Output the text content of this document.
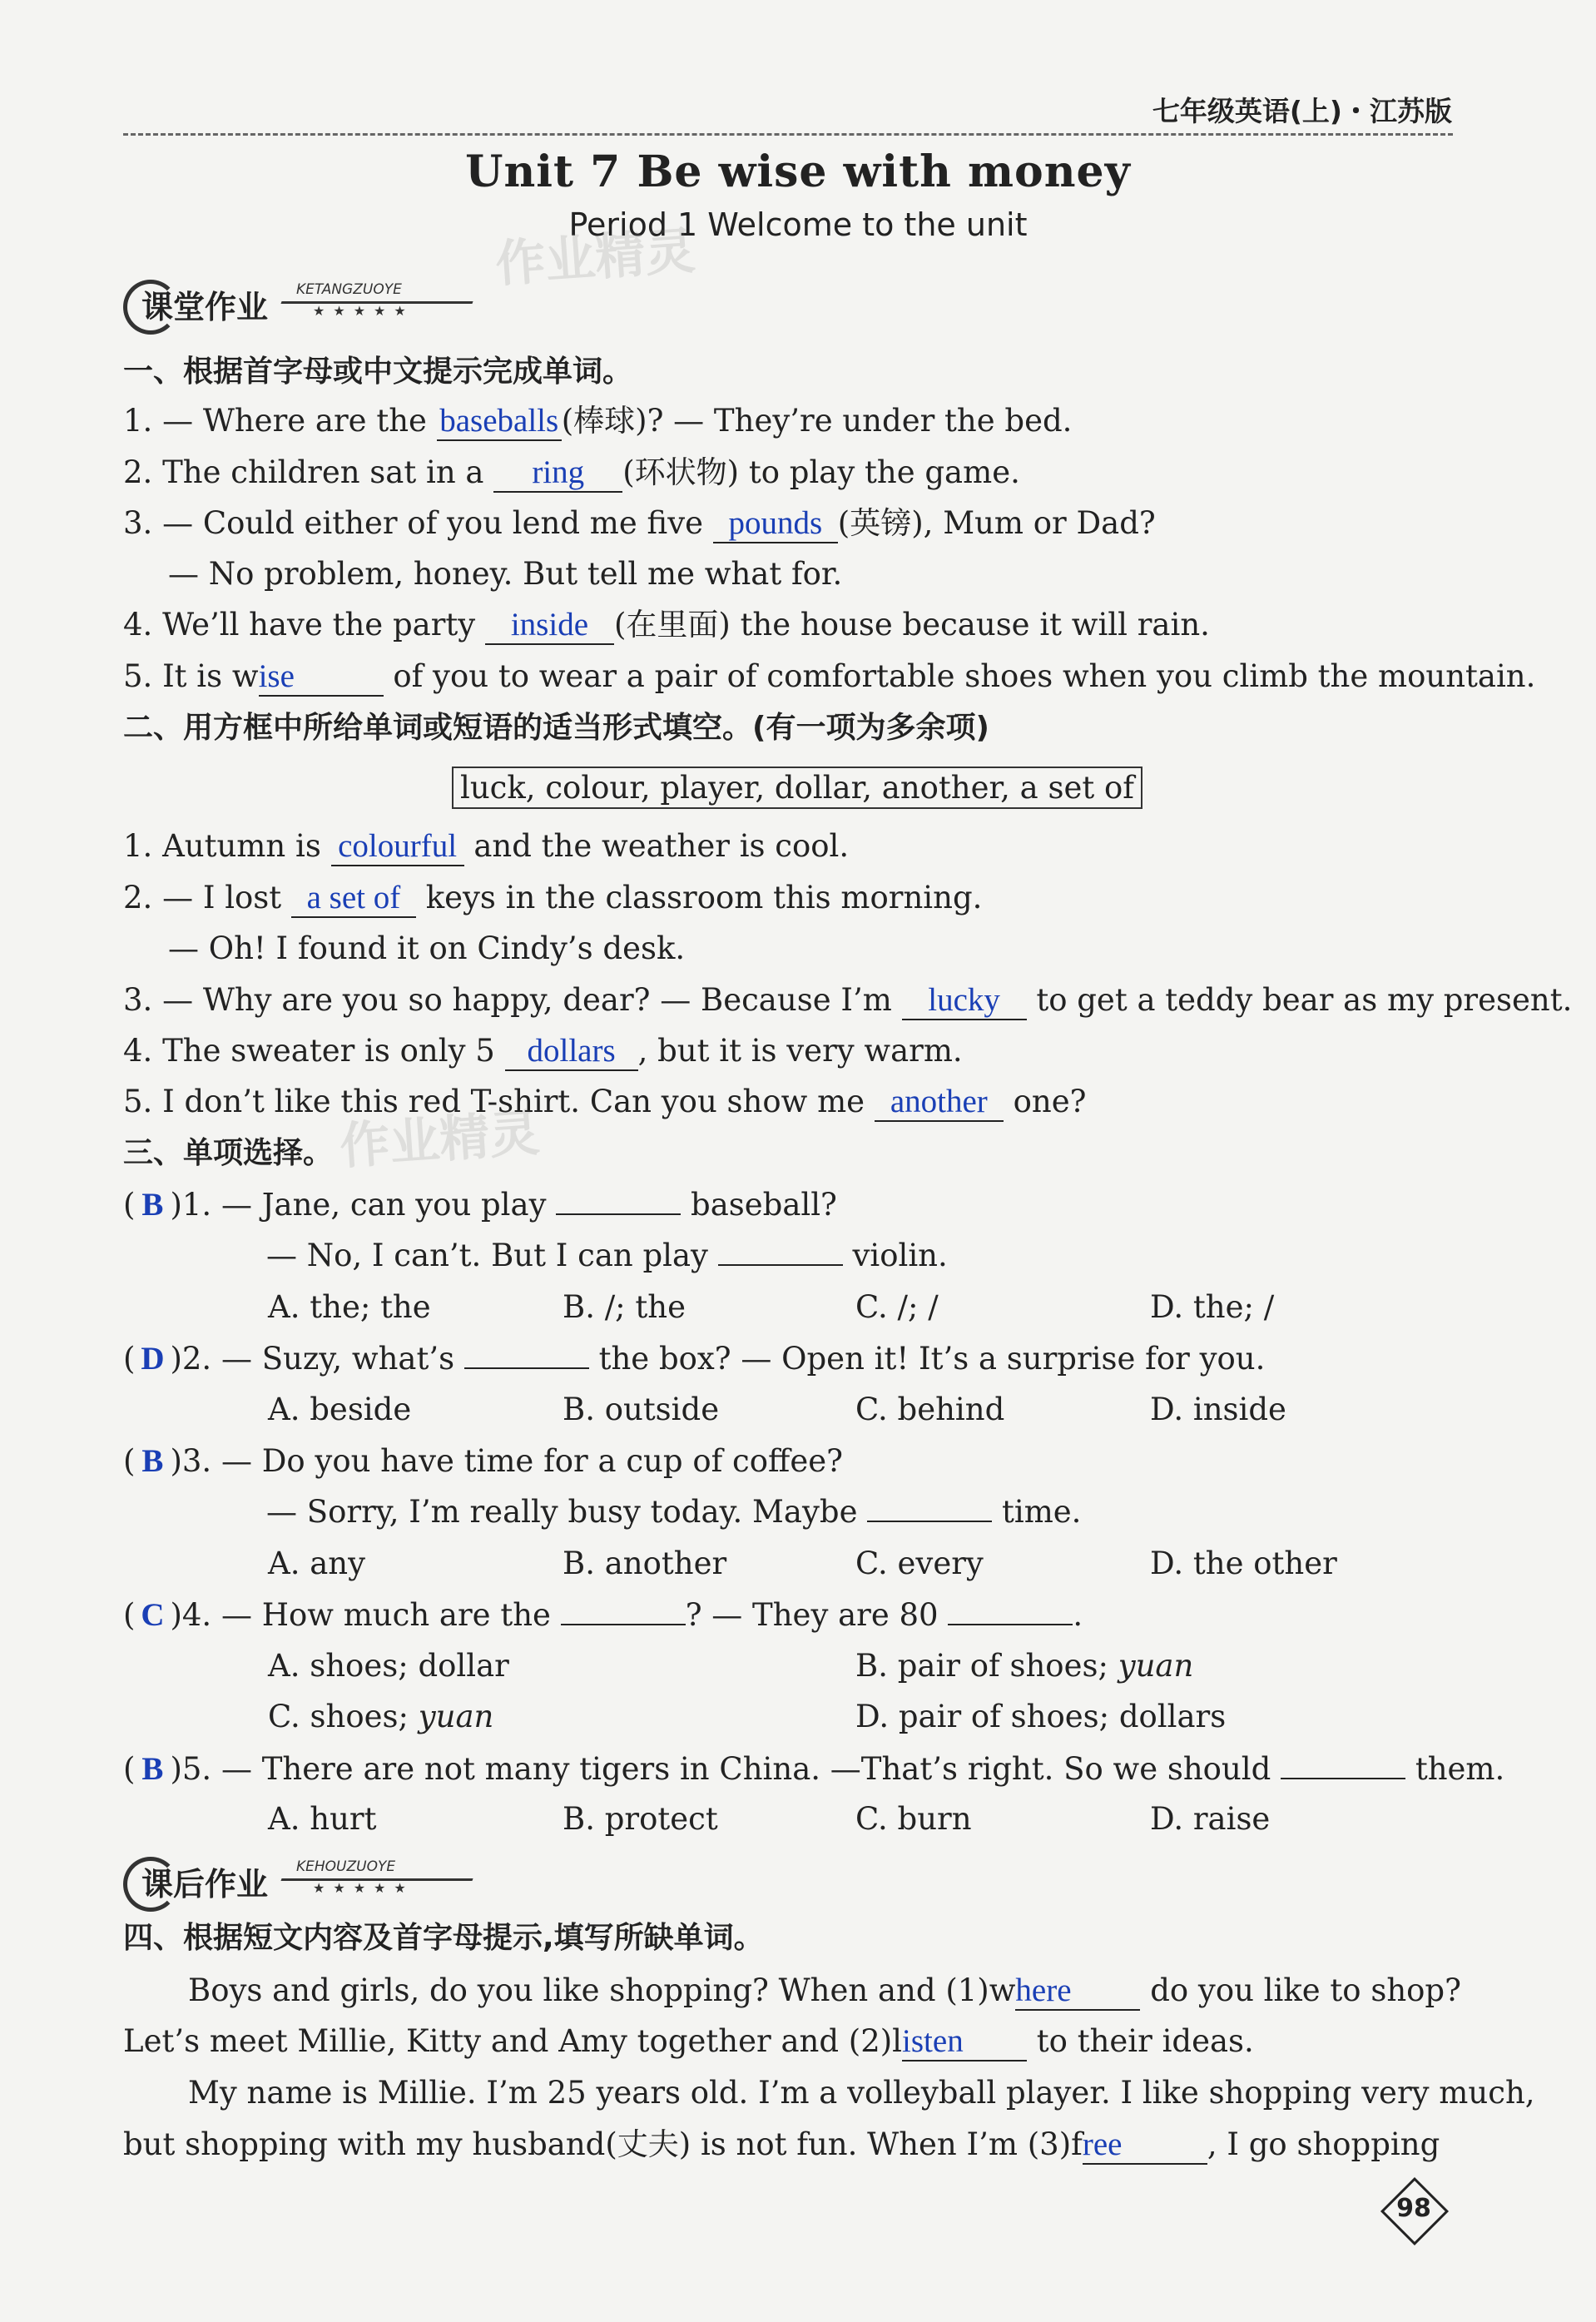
七年级英语(上)・江苏版
Unit 7 Be wise with money
Period 1 Welcome to the unit
作业精灵
作业精灵
课堂作业 KETANGZUOYE
★★★★★
一、根据首字母或中文提示完成单词。
1. — Where are the baseballs(棒球)? — They’re under the bed.
2. The children sat in a ring (环状物) to play the game.
3. — Could either of you lend me five pounds (英镑), Mum or Dad?
— No problem, honey. But tell me what for.
4. We’ll have the party inside (在里面) the house because it will rain.
5. It is wise	of you to wear a pair of comfortable shoes when you climb the mountain.
二、用方框中所给单词或短语的适当形式填空。(有一项为多余项)
luck, colour, player, dollar, another, a set of
1. Autumn is colourful and the weather is cool.
2. — I lost a set of keys in the classroom this morning.
— Oh! I found it on Cindy’s desk.
3. — Why are you so happy, dear? — Because I’m lucky to get a teddy bear as my present.
4. The sweater is only 5 dollars , but it is very warm.
5. I don’t like this red T-shirt. Can you show me another one?
三、单项选择。
( B )1. — Jane, can you play	baseball?
— No, I can’t. But I can play	violin.
A. the; the	B. /; the	C. /; /	D. the; /
( D )2. — Suzy, what’s	the box? — Open it! It’s a surprise for you.
A. beside	B. outside	C. behind	D. inside
( B )3. — Do you have time for a cup of coffee?
— Sorry, I’m really busy today. Maybe	time.
A. any	B. another	C. every	D. the other
( C )4. — How much are the	? — They are 80	.
A. shoes; dollar	B. pair of shoes; yuan
C. shoes; yuan	D. pair of shoes; dollars
( B )5. — There are not many tigers in China. —That’s right. So we should	them.
A. hurt	B. protect	C. burn	D. raise
课后作业 KEHOUZUOYE
★★★★★
四、根据短文内容及首字母提示,填写所缺单词。
Boys and girls, do you like shopping? When and (1)where	do you like to shop?
Let’s meet Millie, Kitty and Amy together and (2)listen to their ideas.
My name is Millie. I’m 25 years old. I’m a volleyball player. I like shopping very much,
but shopping with my husband(丈夫) is not fun. When I’m (3)free	, I go shopping
98
